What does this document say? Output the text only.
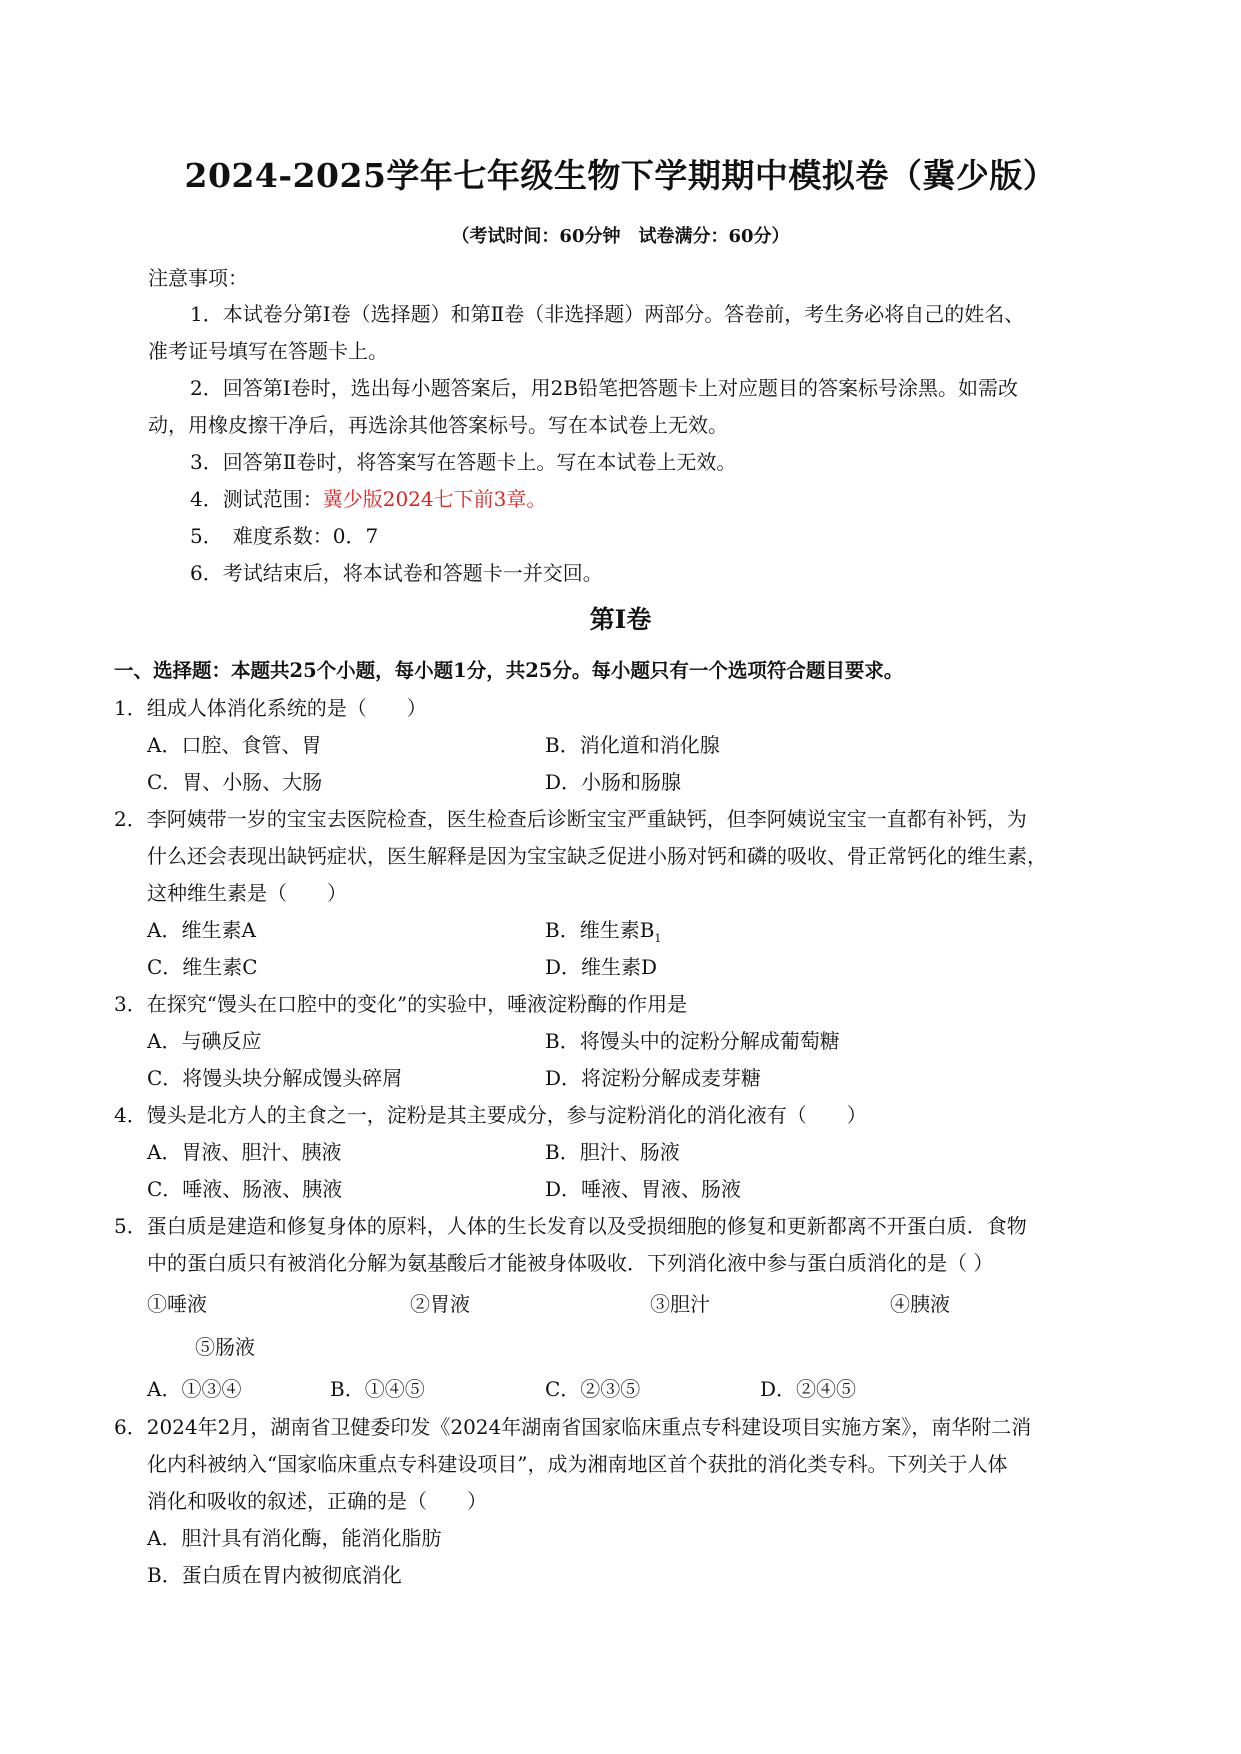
2024-2025学年七年级生物下学期期中模拟卷（冀少版）
（考试时间：60分钟　试卷满分：60分）
注意事项：
1．本试卷分第Ⅰ卷（选择题）和第Ⅱ卷（非选择题）两部分。答卷前，考生务必将自己的姓名、
准考证号填写在答题卡上。
2．回答第Ⅰ卷时，选出每小题答案后，用2B铅笔把答题卡上对应题目的答案标号涂黑。如需改
动，用橡皮擦干净后，再选涂其他答案标号。写在本试卷上无效。
3．回答第Ⅱ卷时，将答案写在答题卡上。写在本试卷上无效。
4．测试范围：冀少版2024七下前3章。
5．　难度系数：0．7
6．考试结束后，将本试卷和答题卡一并交回。
第Ⅰ卷
一、选择题：本题共25个小题，每小题1分，共25分。每小题只有一个选项符合题目要求。
1．组成人体消化系统的是（　　）
A．口腔、食管、胃	B．消化道和消化腺
C．胃、小肠、大肠	D．小肠和肠腺
2．李阿姨带一岁的宝宝去医院检查，医生检查后诊断宝宝严重缺钙，但李阿姨说宝宝一直都有补钙，为
什么还会表现出缺钙症状，医生解释是因为宝宝缺乏促进小肠对钙和磷的吸收、骨正常钙化的维生素，
这种维生素是（　　）
A．维生素A	B．维生素$B_1$
C．维生素C	D．维生素D
3．在探究“馒头在口腔中的变化”的实验中，唾液淀粉酶的作用是
A．与碘反应	B．将馒头中的淀粉分解成葡萄糖
C．将馒头块分解成馒头碎屑	D．将淀粉分解成麦芽糖
4．馒头是北方人的主食之一，淀粉是其主要成分，参与淀粉消化的消化液有（　　）
A．胃液、胆汁、胰液	B．胆汁、肠液
C．唾液、肠液、胰液	D．唾液、胃液、肠液
5．蛋白质是建造和修复身体的原料，人体的生长发育以及受损细胞的修复和更新都离不开蛋白质．食物
中的蛋白质只有被消化分解为氨基酸后才能被身体吸收．下列消化液中参与蛋白质消化的是（ ）
①唾液	②胃液	③胆汁	④胰液
⑤肠液
A．①③④	B．①④⑤	C．②③⑤	D．②④⑤
6．2024年2月，湖南省卫健委印发《2024年湖南省国家临床重点专科建设项目实施方案》，南华附二消
化内科被纳入“国家临床重点专科建设项目”，成为湘南地区首个获批的消化类专科。下列关于人体
消化和吸收的叙述，正确的是（　　）
A．胆汁具有消化酶，能消化脂肪
B．蛋白质在胃内被彻底消化
